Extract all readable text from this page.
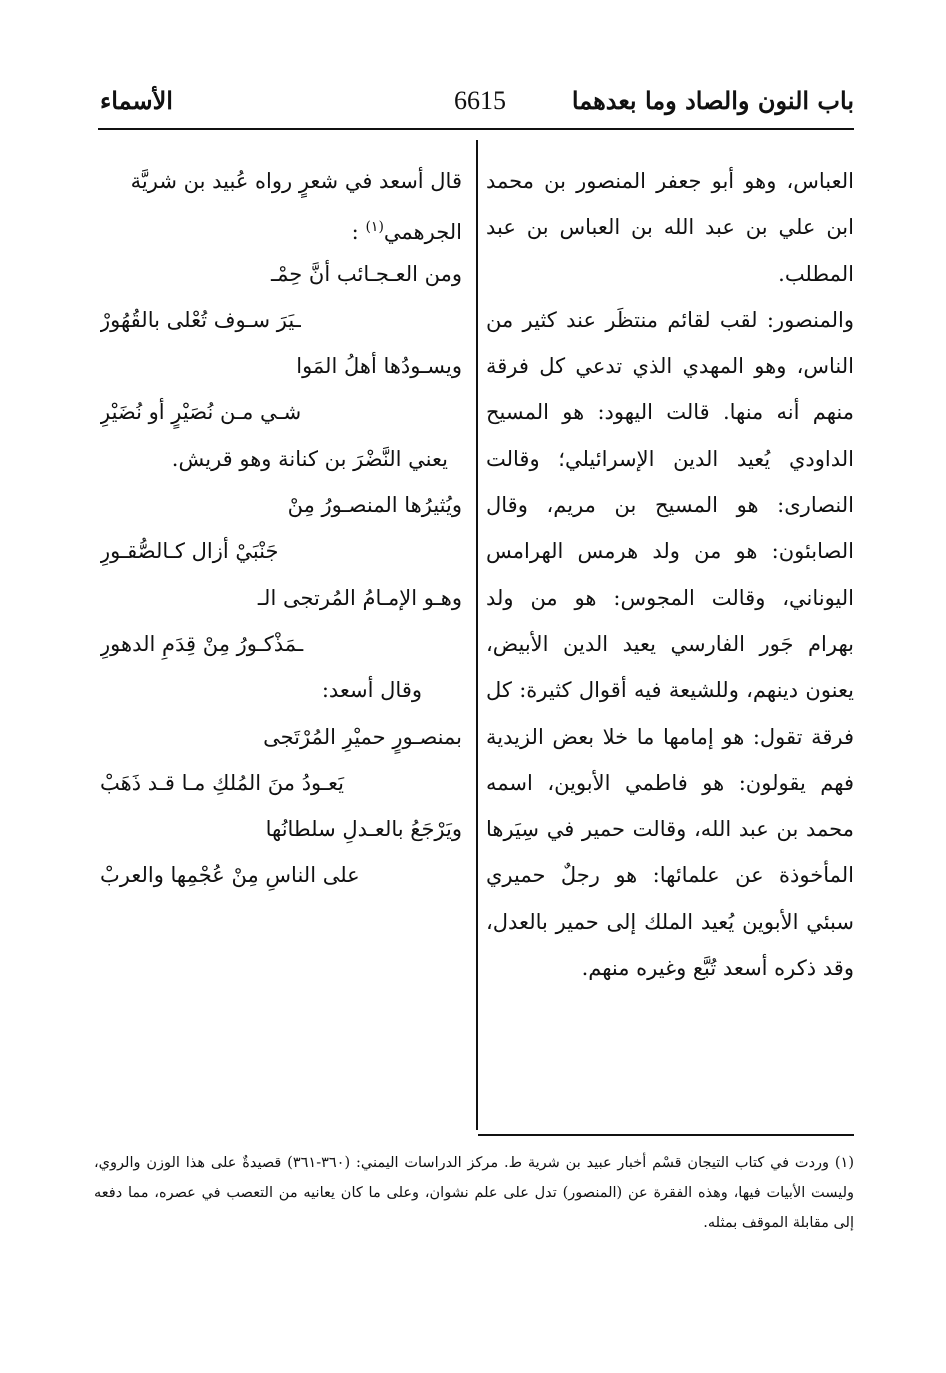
باب النون والصاد وما بعدهما
6615
الأسماء

العباس، وهو أبو جعفر المنصور بن محمد ابن علي بن عبد الله بن العباس بن عبد المطلب.

والمنصور: لقب لقائم منتظَر عند كثير من الناس، وهو المهدي الذي تدعي كل فرقة منهم أنه منها. قالت اليهود: هو المسيح الداودي يُعيد الدين الإسرائيلي؛ وقالت النصارى: هو المسيح بن مريم، وقال الصابئون: هو من ولد هرمس الهرامس اليوناني، وقالت المجوس: هو من ولد بهرام جَور الفارسي يعيد الدين الأبيض، يعنون دينهم، وللشيعة فيه أقوال كثيرة: كل فرقة تقول: هو إمامها ما خلا بعض الزيدية فهم يقولون: هو فاطمي الأبوين، اسمه محمد بن عبد الله، وقالت حمير في سِيَرها المأخوذة عن علمائها: هو رجلٌ حميري سبئي الأبوين يُعيد الملك إلى حمير بالعدل، وقد ذكره أسعد تُبَّع وغيره منهم.

قال أسعد في شعرٍ رواه عُبيد بن شريَّة
الجرهمي$^{(١)}$ :
ومن العـجـائب أنَّ حِمْـ
ـيَرَ سـوف تُعْلى بالقُهُورْ
ويسـودُها أهلُ المَوا
شـي مـن نُصَيْرٍ أو نُضَيْرِ
يعني النَّضْرَ بن كنانة وهو قريش.
ويُثيرُها المنصـورُ مِنْ
جَنْبَيْ أزال كـالصُّقـورِ
وهـو الإمـامُ المُرتجى الـ
ـمَذْكـورُ مِنْ قِدَمِ الدهورِ
وقال أسعد:
بمنصـورٍ حميْرِ المُرْتَجى
يَعـودُ منَ المُلكِ مـا قـد ذَهَبْ
ويَرْجَعُ بالعـدلِ سلطانُها
على الناسِ مِنْ عُجْمِها والعربْ

(١) وردت في كتاب التيجان قسْم أخبار عبيد بن شرية ط. مركز الدراسات اليمني: (٣٦٠-٣٦١) قصيدةٌ على هذا الوزن والروي، وليست الأبيات فيها، وهذه الفقرة عن (المنصور) تدل على علم نشوان، وعلى ما كان يعانيه من التعصب في عصره، مما دفعه إلى مقابلة الموقف بمثله.
